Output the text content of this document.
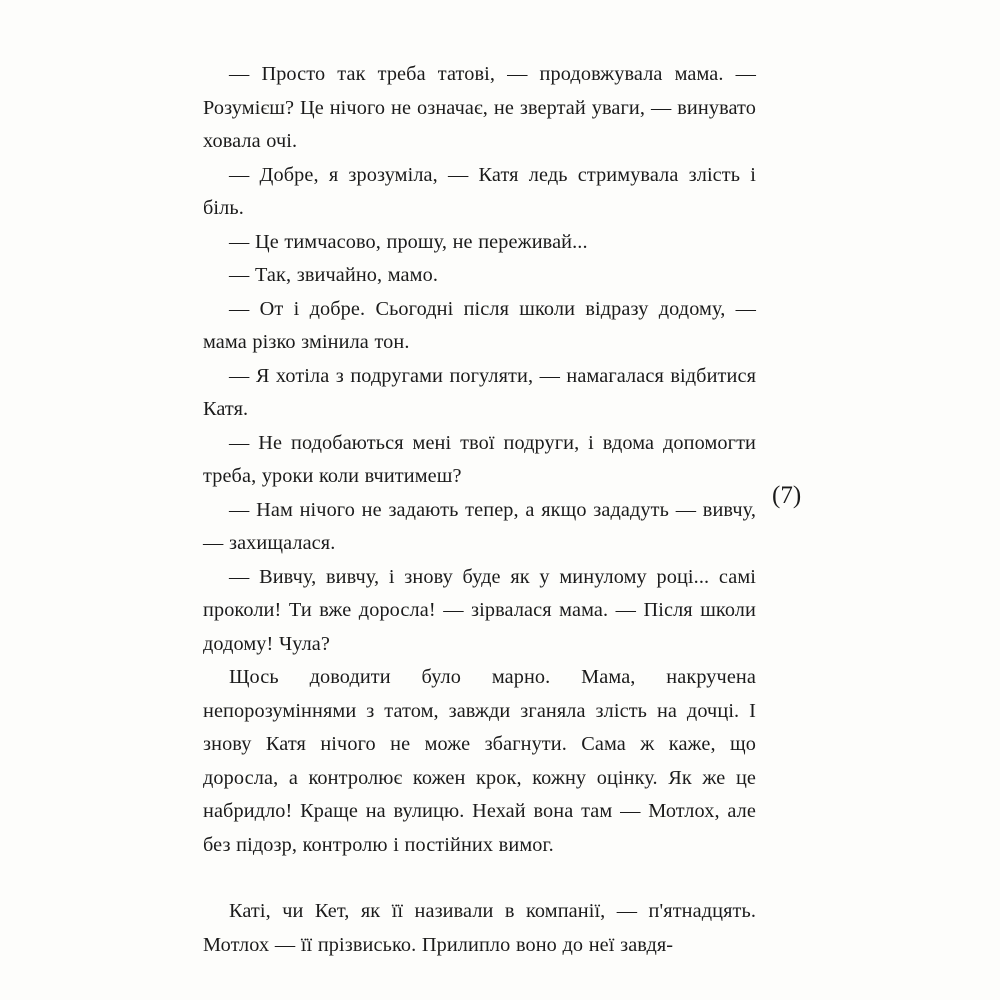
— Просто так треба татові, — продовжувала мама. — Розумієш? Це нічого не означає, не звертай уваги, — винувато ховала очі.

— Добре, я зрозуміла, — Катя ледь стримувала злість і біль.

— Це тимчасово, прошу, не переживай...

— Так, звичайно, мамо.

— От і добре. Сьогодні після школи відразу додому, — мама різко змінила тон.

— Я хотіла з подругами погуляти, — намагалася відбитися Катя.

— Не подобаються мені твої подруги, і вдома допомогти треба, уроки коли вчитимеш?

— Нам нічого не задають тепер, а якщо зададуть — вивчу, — захищалася.

— Вивчу, вивчу, і знову буде як у минулому році... самі проколи! Ти вже доросла! — зірвалася мама. — Після школи додому! Чула?

Щось доводити було марно. Мама, накручена непорозуміннями з татом, завжди зганяла злість на дочці. І знову Катя нічого не може збагнути. Сама ж каже, що доросла, а контролює кожен крок, кожну оцінку. Як же це набридло! Краще на вулицю. Нехай вона там — Мотлох, але без підозр, контролю і постійних вимог.

Каті, чи Кет, як її називали в компанії, — п'ятнадцять. Мотлох — її прізвисько. Прилипло воно до неї завдя-

(7)
